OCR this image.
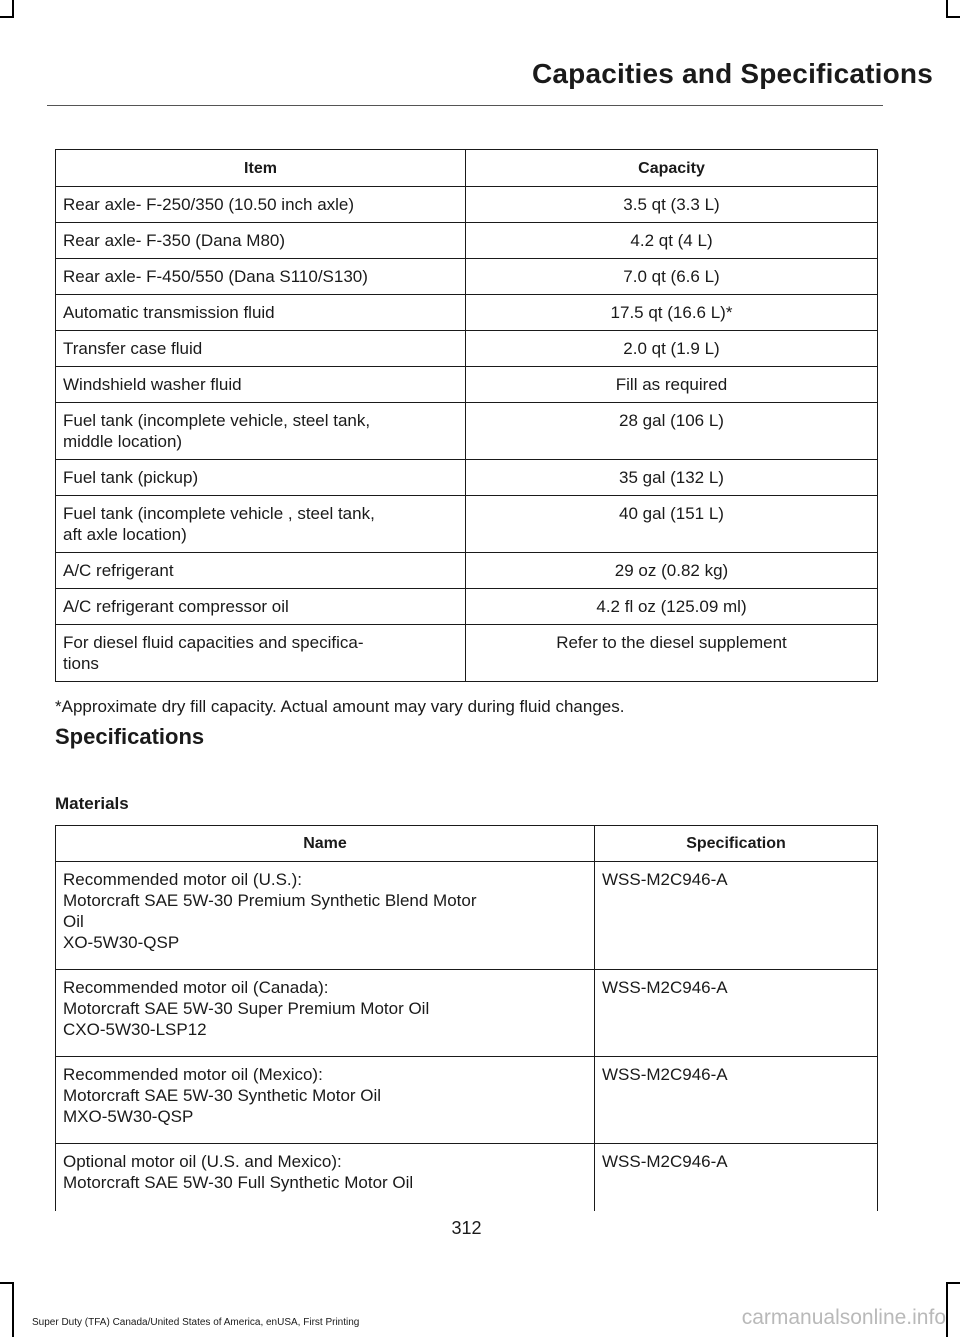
Capacities and Specifications
Item	Capacity

Rear axle- F-250/350 (10.50 inch axle)	3.5 qt (3.3 L)

Rear axle- F-350 (Dana M80)	4.2 qt (4 L)

Rear axle- F-450/550 (Dana S110/S130)	7.0 qt (6.6 L)

Automatic transmission fluid	17.5 qt (16.6 L)*

Transfer case fluid	2.0 qt (1.9 L)

Windshield washer fluid	Fill as required

Fuel tank (incomplete vehicle, steel tank,
middle location)	28 gal (106 L)

Fuel tank (pickup)	35 gal (132 L)

Fuel tank (incomplete vehicle , steel tank,
aft axle location)	40 gal (151 L)

A/C refrigerant	29 oz (0.82 kg)

A/C refrigerant compressor oil	4.2 fl oz (125.09 ml)

For diesel fluid capacities and specifica-
tions	Refer to the diesel supplement
*Approximate dry fill capacity. Actual amount may vary during fluid changes.
Specifications
Materials
Name	Specification

Recommended motor oil (U.S.):
Motorcraft SAE 5W-30 Premium Synthetic Blend Motor
Oil
XO-5W30-QSP	WSS-M2C946-A

Recommended motor oil (Canada):
Motorcraft SAE 5W-30 Super Premium Motor Oil
CXO-5W30-LSP12	WSS-M2C946-A

Recommended motor oil (Mexico):
Motorcraft SAE 5W-30 Synthetic Motor Oil
MXO-5W30-QSP	WSS-M2C946-A

Optional motor oil (U.S. and Mexico):
Motorcraft SAE 5W-30 Full Synthetic Motor Oil	WSS-M2C946-A
312
Super Duty (TFA) Canada/United States of America, enUSA, First Printing	carmanualsonline.info
